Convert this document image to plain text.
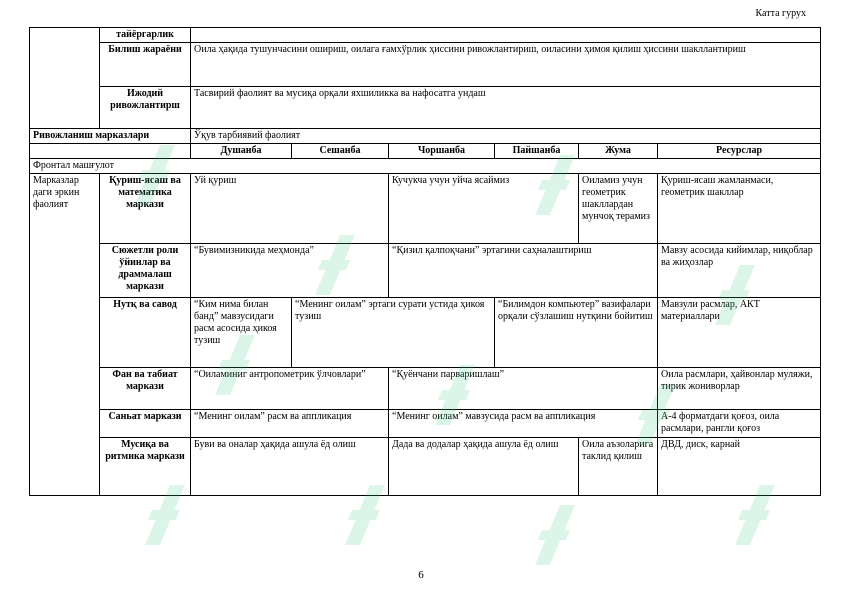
Катта гурух
	тайёргарлик						
	Билиш жараёни	Оила ҳақида тушунчасини ошириш, оилага ғамхўрлик ҳиссини ривожлантириш, оиласини ҳимоя қилиш ҳиссини шакллантириш					
	Ижодий ривожлантирш	Тасвирий фаолият ва мусиқа орқали яхшиликка ва нафосатга ундаш					
Ривожланиш марказлари		Ўқув тарбиявий фаолият					
		Душанба	Сешанба	Чоршанба	Пайшанба	Жума	Ресурслар
Фронтал машғулот							
Марказлар даги эркин фаолият	Қуриш-ясаш ва математика маркази	Уй қуриш		Кучукча учун уйча ясаймиз		Оиламиз учун геометрик шакллардан мунчоқ терамиз	Қуриш-ясаш жамланмаси, геометрик шакллар
	Сюжетли роли ўйинлар ва драммалаш маркази	“Бувимизникида меҳмонда”		“Қизил қалпоқчани” эртагини саҳналаштириш			Мавзу асосида кийимлар, ниқоблар ва жиҳозлар
	Нутқ ва савод	“Ким нима билан банд” мавзусидаги расм асосида ҳикоя тузиш	“Менинг оилам” эртаги сурати устида ҳикоя тузиш		“Билимдон компьютер” вазифалари орқали сўзлашиш нутқини бойитиш		Мавзули расмлар, АКТ материаллари
	Фан ва табиат маркази	“Оиламиниг антропометрик ўлчовлари”		“Қуёнчани парваришлаш”			Оила расмлари, ҳайвонлар муляжи, тирик жониворлар
	Саньат маркази	“Менинг оилам” расм ва аппликация		“Менинг оилам” мавзусида расм ва аппликация			А-4 форматдаги қоғоз, оила расмлари, рангли қоғоз
	Мусиқа ва ритмика маркази	Буви ва оналар ҳақида ашула ёд олиш		Дада ва додалар ҳақида ашула ёд олиш		Оила аъзоларига таклид қилиш	ДВД, диск, карнай
6
